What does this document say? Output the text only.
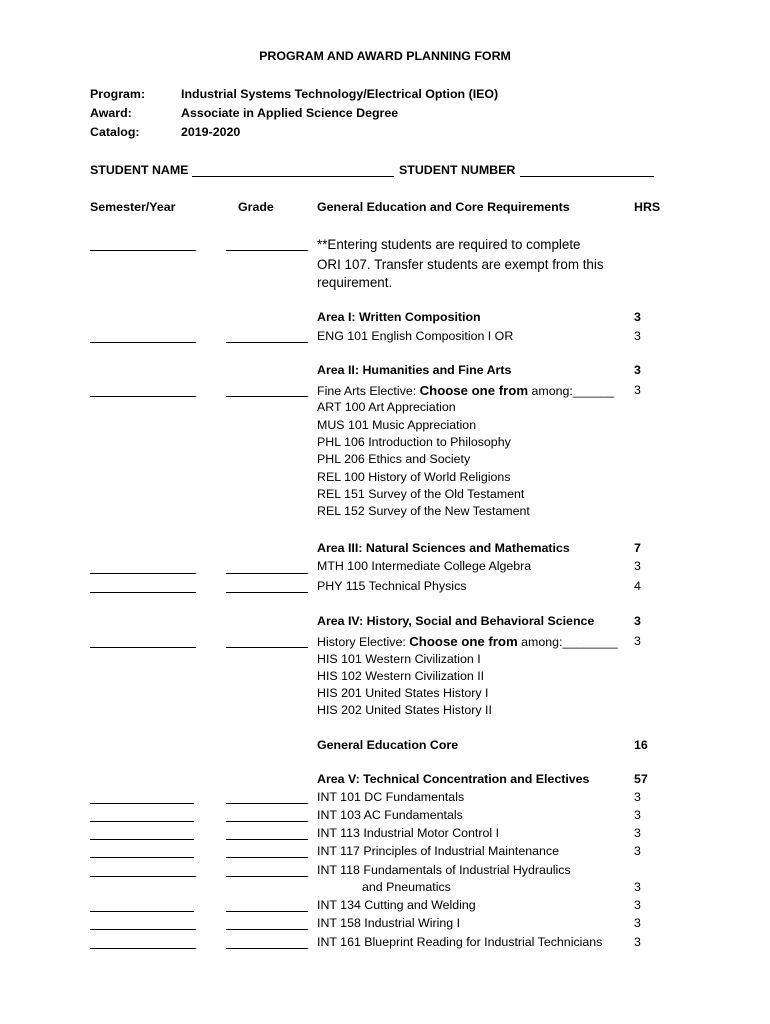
PROGRAM AND AWARD PLANNING FORM
Program:	Industrial Systems Technology/Electrical Option (IEO)
Award:	Associate in Applied Science Degree
Catalog:	2019-2020
STUDENT NAME	STUDENT NUMBER
Semester/Year	Grade	General Education and Core Requirements	HRS
**Entering students are required to complete
ORI 107. Transfer students are exempt from this
requirement.
Area I: Written Composition	3
ENG 101 English Composition I OR	3
Area II: Humanities and Fine Arts	3
Fine Arts Elective: Choose one from among:______ 3
ART 100 Art Appreciation
MUS 101 Music Appreciation
PHL 106 Introduction to Philosophy
PHL 206 Ethics and Society
REL 100 History of World Religions
REL 151 Survey of the Old Testament
REL 152 Survey of the New Testament
Area III: Natural Sciences and Mathematics	7
MTH 100 Intermediate College Algebra	3
PHY 115 Technical Physics	4
Area IV: History, Social and Behavioral Science	3
History Elective: Choose one from among:________ 3
HIS 101 Western Civilization I
HIS 102 Western Civilization II
HIS 201 United States History I
HIS 202 United States History II
General Education Core	16
Area V: Technical Concentration and Electives	57
INT 101 DC Fundamentals	3
INT 103 AC Fundamentals	3
INT 113 Industrial Motor Control I	3
INT 117 Principles of Industrial Maintenance	3
INT 118 Fundamentals of Industrial Hydraulics
and Pneumatics	3
INT 134 Cutting and Welding	3
INT 158 Industrial Wiring I	3
INT 161 Blueprint Reading for Industrial Technicians	3
